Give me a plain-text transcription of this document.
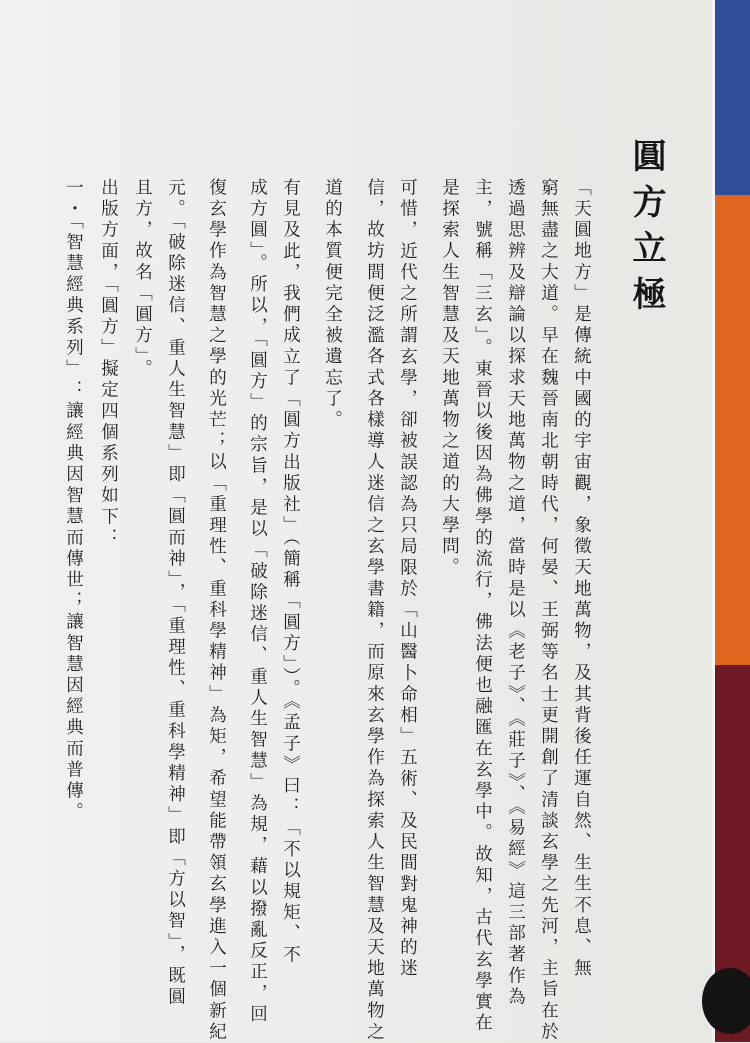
圓方立極
「天圓地方」是傳統中國的宇宙觀，象徵天地萬物，及其背後任運自然、生生不息、無
窮無盡之大道。早在魏晉南北朝時代，何晏、王弼等名士更開創了清談玄學之先河，主旨在於
透過思辨及辯論以探求天地萬物之道，當時是以《老子》、《莊子》、《易經》這三部著作為
主，號稱「三玄」。東晉以後因為佛學的流行，佛法便也融匯在玄學中。故知，古代玄學實在
是探索人生智慧及天地萬物之道的大學問。
　可惜，近代之所謂玄學，卻被誤認為只局限於「山醫卜命相」五術、及民間對鬼神的迷
信，故坊間便泛濫各式各樣導人迷信之玄學書籍，而原來玄學作為探索人生智慧及天地萬物之
道的本質便完全被遺忘了。
　有見及此，我們成立了「圓方出版社」（簡稱「圓方」）。《孟子》曰：「不以規矩、不
成方圓」。所以，「圓方」的宗旨，是以「破除迷信、重人生智慧」為規，藉以撥亂反正，回
復玄學作為智慧之學的光芒；以「重理性、重科學精神」為矩，希望能帶領玄學進入一個新紀
元。「破除迷信、重人生智慧」即「圓而神」，「重理性、重科學精神」即「方以智」，既圓
且方，故名「圓方」。
　出版方面，「圓方」擬定四個系列如下：
一・「智慧經典系列」：讓經典因智慧而傳世；讓智慧因經典而普傳。
